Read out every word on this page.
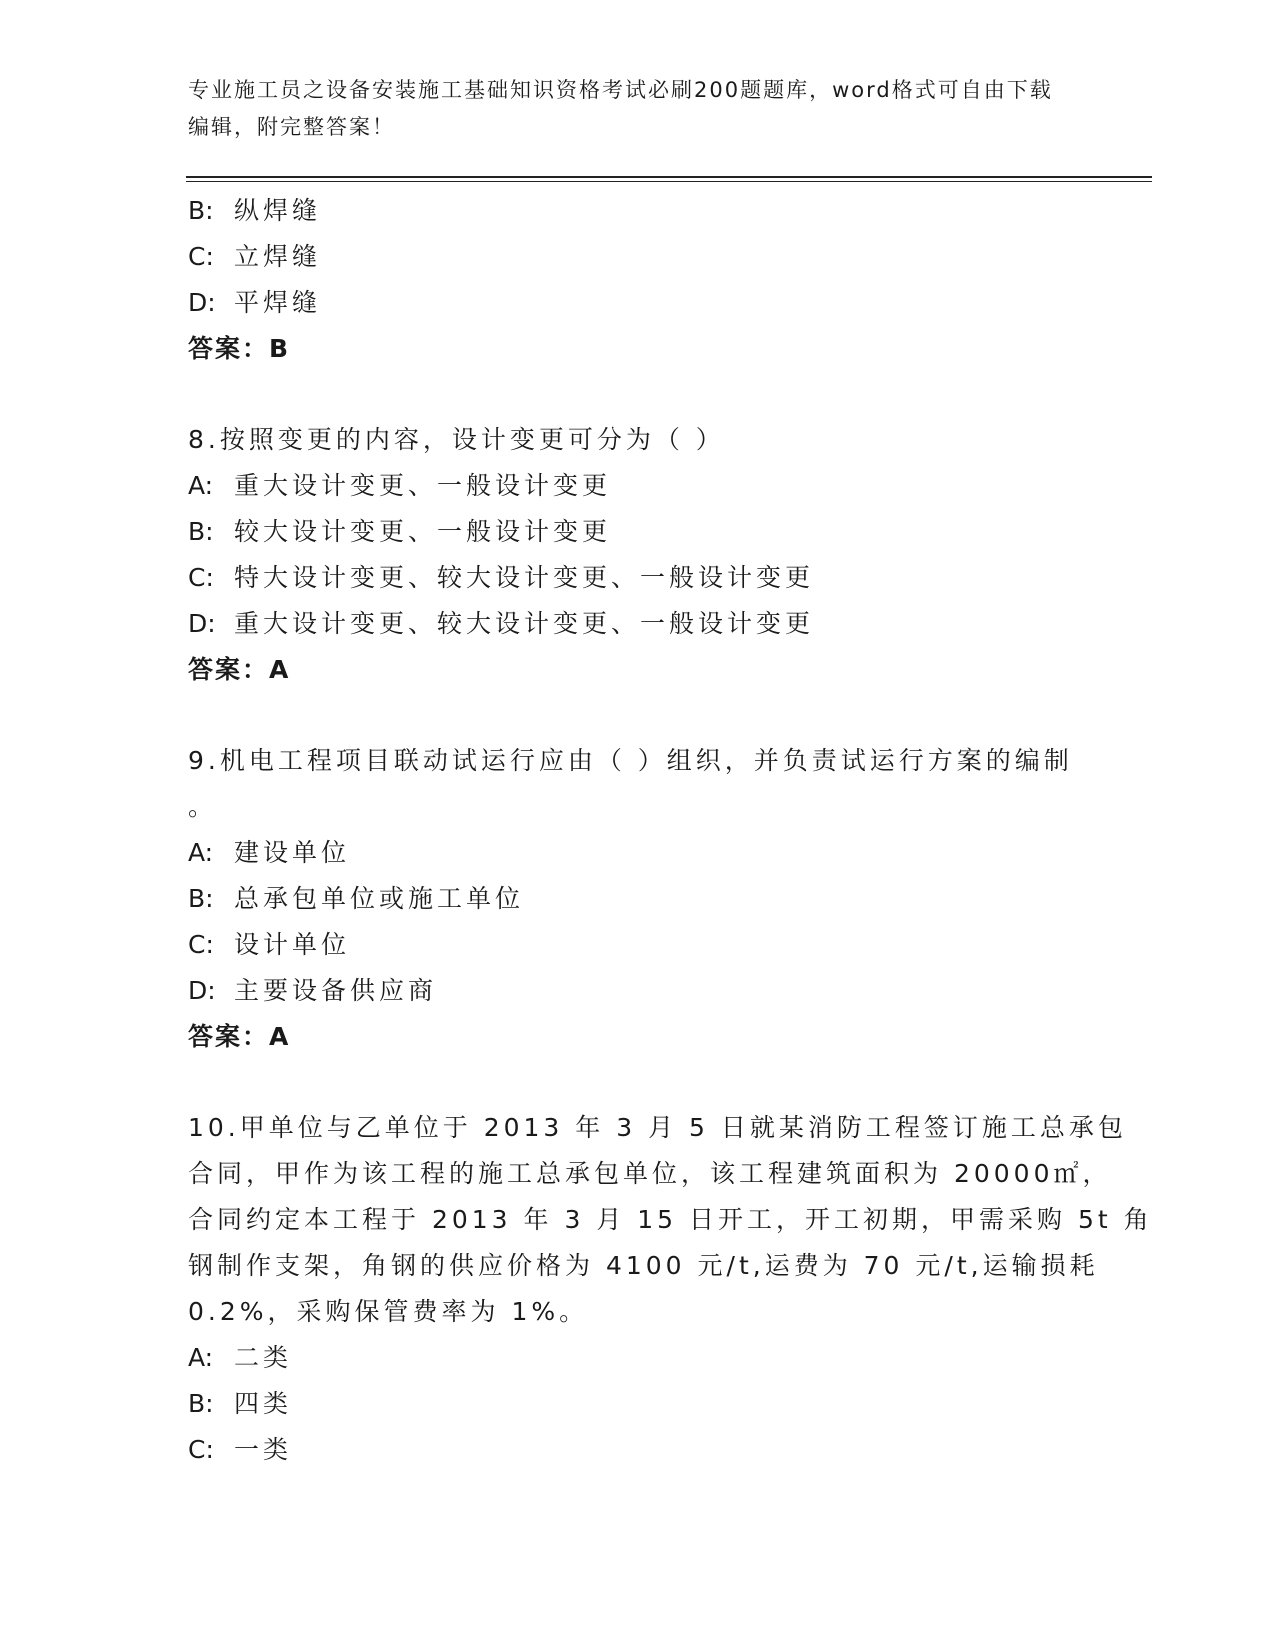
专业施工员之设备安装施工基础知识资格考试必刷200题题库，word格式可自由下载编辑，附完整答案！
B: 纵焊缝
C: 立焊缝
D: 平焊缝
答案：B
8.按照变更的内容，设计变更可分为（ ）
A: 重大设计变更、一般设计变更
B: 较大设计变更、一般设计变更
C: 特大设计变更、较大设计变更、一般设计变更
D: 重大设计变更、较大设计变更、一般设计变更
答案：A
9.机电工程项目联动试运行应由（ ）组织，并负责试运行方案的编制
。
A: 建设单位
B: 总承包单位或施工单位
C: 设计单位
D: 主要设备供应商
答案：A
10.甲单位与乙单位于 2013 年 3 月 5 日就某消防工程签订施工总承包
合同，甲作为该工程的施工总承包单位，该工程建筑面积为 20000㎡，
合同约定本工程于 2013 年 3 月 15 日开工，开工初期，甲需采购 5t 角
钢制作支架，角钢的供应价格为 4100 元/t,运费为 70 元/t,运输损耗
0.2%，采购保管费率为 1%。
A: 二类
B: 四类
C: 一类
